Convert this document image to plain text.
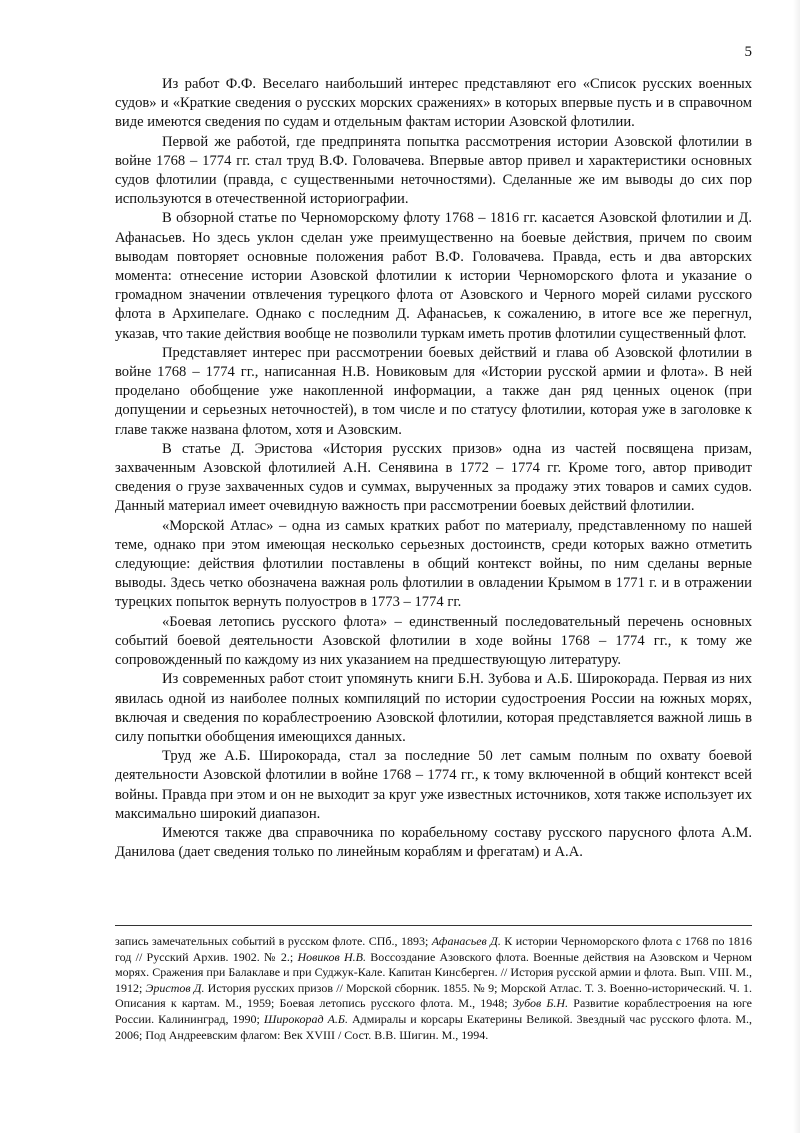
5

Из работ Ф.Ф. Веселаго наибольший интерес представляют его «Список русских военных судов» и «Краткие сведения о русских морских сражениях» в которых впервые пусть и в справочном виде имеются сведения по судам и отдельным фактам истории Азовской флотилии.

Первой же работой, где предпринята попытка рассмотрения истории Азовской флотилии в войне 1768 – 1774 гг. стал труд В.Ф. Головачева. Впервые автор привел и характеристики основных судов флотилии (правда, с существенными неточностями). Сделанные же им выводы до сих пор используются в отечественной историографии.

В обзорной статье по Черноморскому флоту 1768 – 1816 гг. касается Азовской флотилии и Д. Афанасьев. Но здесь уклон сделан уже преимущественно на боевые действия, причем по своим выводам повторяет основные положения работ В.Ф. Головачева. Правда, есть и два авторских момента: отнесение истории Азовской флотилии к истории Черноморского флота и указание о громадном значении отвлечения турецкого флота от Азовского и Черного морей силами русского флота в Архипелаге. Однако с последним Д. Афанасьев, к сожалению, в итоге все же перегнул, указав, что такие действия вообще не позволили туркам иметь против флотилии существенный флот.

Представляет интерес при рассмотрении боевых действий и глава об Азовской флотилии в войне 1768 – 1774 гг., написанная Н.В. Новиковым для «Истории русской армии и флота». В ней проделано обобщение уже накопленной информации, а также дан ряд ценных оценок (при допущении и серьезных неточностей), в том числе и по статусу флотилии, которая уже в заголовке к главе также названа флотом, хотя и Азовским.

В статье Д. Эристова «История русских призов» одна из частей посвящена призам, захваченным Азовской флотилией А.Н. Сенявина в 1772 – 1774 гг. Кроме того, автор приводит сведения о грузе захваченных судов и суммах, вырученных за продажу этих товаров и самих судов. Данный материал имеет очевидную важность при рассмотрении боевых действий флотилии.

«Морской Атлас» – одна из самых кратких работ по материалу, представленному по нашей теме, однако при этом имеющая несколько серьезных достоинств, среди которых важно отметить следующие: действия флотилии поставлены в общий контекст войны, по ним сделаны верные выводы. Здесь четко обозначена важная роль флотилии в овладении Крымом в 1771 г. и в отражении турецких попыток вернуть полуостров в 1773 – 1774 гг.

«Боевая летопись русского флота» – единственный последовательный перечень основных событий боевой деятельности Азовской флотилии в ходе войны 1768 – 1774 гг., к тому же сопровожденный по каждому из них указанием на предшествующую литературу.

Из современных работ стоит упомянуть книги Б.Н. Зубова и А.Б. Широкорада. Первая из них явилась одной из наиболее полных компиляций по истории судостроения России на южных морях, включая и сведения по кораблестроению Азовской флотилии, которая представляется важной лишь в силу попытки обобщения имеющихся данных.

Труд же А.Б. Широкорада, стал за последние 50 лет самым полным по охвату боевой деятельности Азовской флотилии в войне 1768 – 1774 гг., к тому включенной в общий контекст всей войны. Правда при этом и он не выходит за круг уже известных источников, хотя также использует их максимально широкий диапазон.

Имеются также два справочника по корабельному составу русского парусного флота А.М. Данилова (дает сведения только по линейным кораблям и фрегатам) и А.А.

запись замечательных событий в русском флоте. СПб., 1893; Афанасьев Д. К истории Черноморского флота с 1768 по 1816 год // Русский Архив. 1902. № 2.; Новиков Н.В. Воссоздание Азовского флота. Военные действия на Азовском и Черном морях. Сражения при Балаклаве и при Суджук-Кале. Капитан Кинсберген. // История русской армии и флота. Вып. VIII. М., 1912; Эристов Д. История русских призов // Морской сборник. 1855. № 9; Морской Атлас. Т. 3. Военно-исторический. Ч. 1. Описания к картам. М., 1959; Боевая летопись русского флота. М., 1948; Зубов Б.Н. Развитие кораблестроения на юге России. Калининград, 1990; Широкорад А.Б. Адмиралы и корсары Екатерины Великой. Звездный час русского флота. М., 2006; Под Андреевским флагом: Век XVIII / Сост. В.В. Шигин. М., 1994.
